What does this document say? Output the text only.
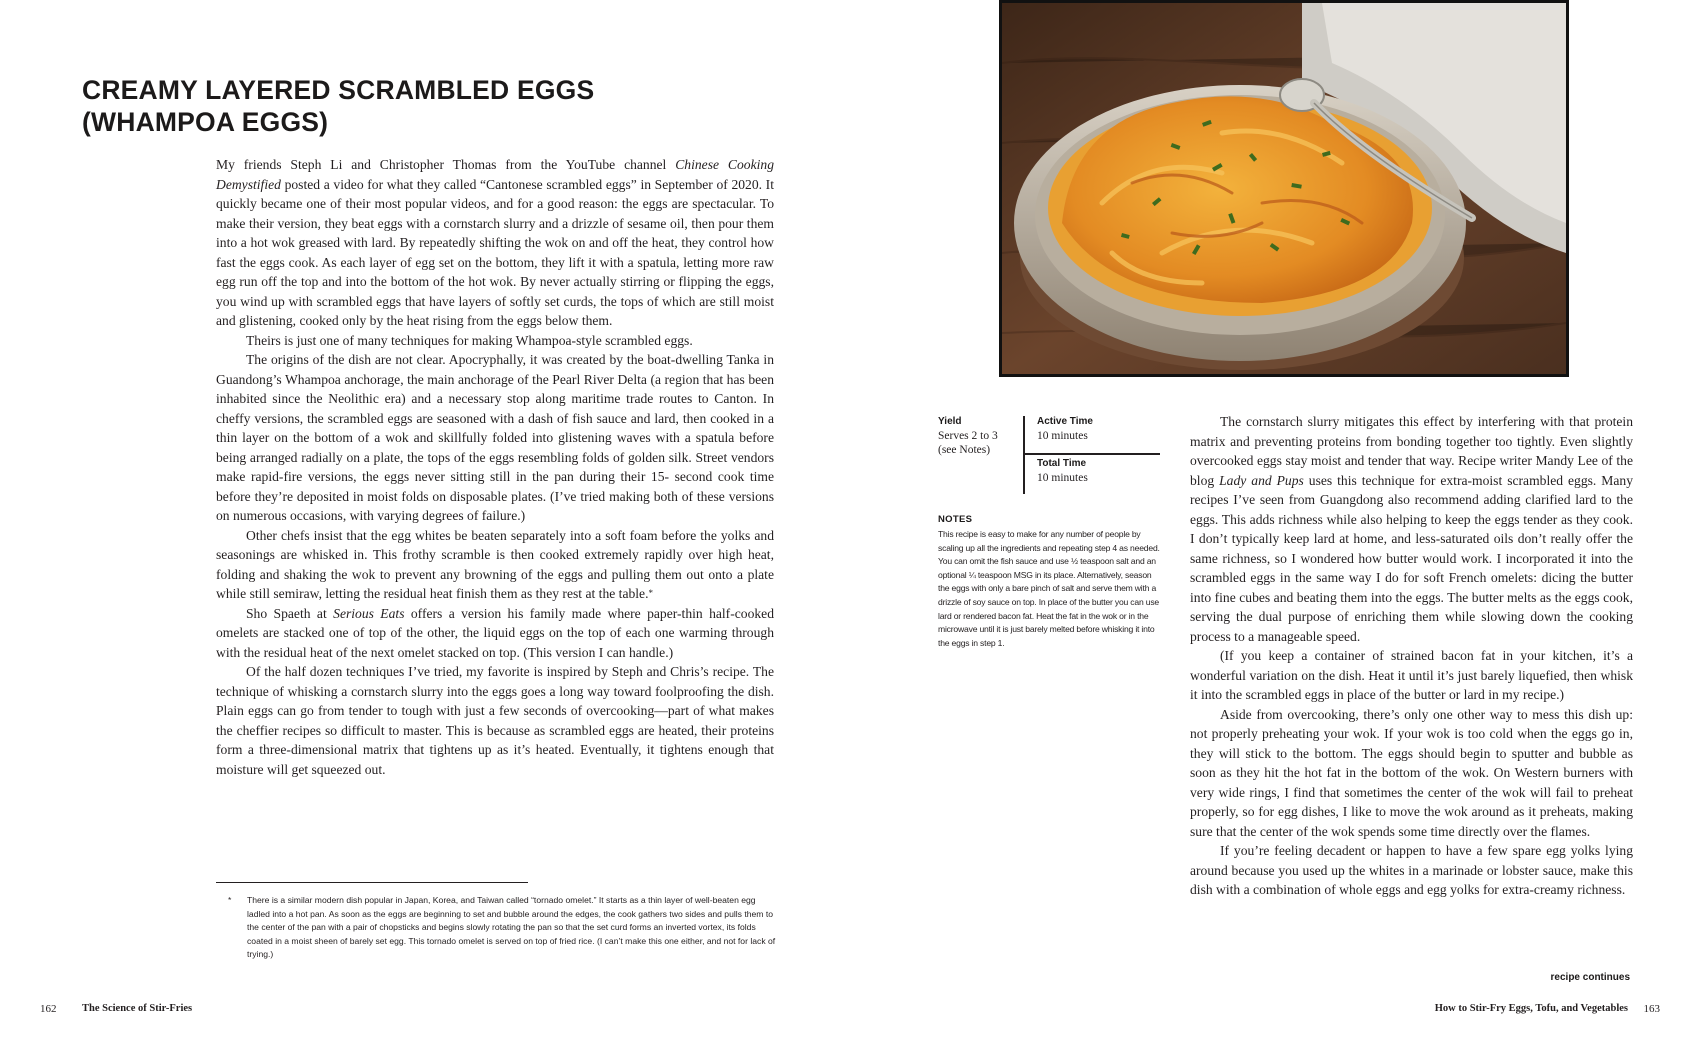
CREAMY LAYERED SCRAMBLED EGGS
(WHAMPOA EGGS)

My friends Steph Li and Christopher Thomas from the YouTube channel Chinese Cooking Demystified posted a video for what they called “Cantonese scrambled eggs” in September of 2020. It quickly became one of their most popular videos, and for a good reason: the eggs are spectacular. To make their version, they beat eggs with a cornstarch slurry and a drizzle of sesame oil, then pour them into a hot wok greased with lard. By repeatedly shifting the wok on and off the heat, they control how fast the eggs cook. As each layer of egg set on the bottom, they lift it with a spatula, letting more raw egg run off the top and into the bottom of the hot wok. By never actually stirring or flipping the eggs, you wind up with scrambled eggs that have layers of softly set curds, the tops of which are still moist and glistening, cooked only by the heat rising from the eggs below them.

Theirs is just one of many techniques for making Whampoa-style scrambled eggs.

The origins of the dish are not clear. Apocryphally, it was created by the boat-dwelling Tanka in Guandong’s Whampoa anchorage, the main anchorage of the Pearl River Delta (a region that has been inhabited since the Neolithic era) and a necessary stop along maritime trade routes to Canton. In cheffy versions, the scrambled eggs are seasoned with a dash of fish sauce and lard, then cooked in a thin layer on the bottom of a wok and skillfully folded into glistening waves with a spatula before being arranged radially on a plate, the tops of the eggs resembling folds of golden silk. Street vendors make rapid-fire versions, the eggs never sitting still in the pan during their 15- second cook time before they’re deposited in moist folds on disposable plates. (I’ve tried making both of these versions on numerous occasions, with varying degrees of failure.)

Other chefs insist that the egg whites be beaten separately into a soft foam before the yolks and seasonings are whisked in. This frothy scramble is then cooked extremely rapidly over high heat, folding and shaking the wok to prevent any browning of the eggs and pulling them out onto a plate while still semiraw, letting the residual heat finish them as they rest at the table.*

Sho Spaeth at Serious Eats offers a version his family made where paper-thin half-cooked omelets are stacked one of top of the other, the liquid eggs on the top of each one warming through with the residual heat of the next omelet stacked on top. (This version I can handle.)

Of the half dozen techniques I’ve tried, my favorite is inspired by Steph and Chris’s recipe. The technique of whisking a cornstarch slurry into the eggs goes a long way toward foolproofing the dish. Plain eggs can go from tender to tough with just a few seconds of overcooking—part of what makes the cheffier recipes so difficult to master. This is because as scrambled eggs are heated, their proteins form a three-dimensional matrix that tightens up as it’s heated. Eventually, it tightens enough that moisture will get squeezed out.

* There is a similar modern dish popular in Japan, Korea, and Taiwan called “tornado omelet.” It starts as a thin layer of well-beaten egg ladled into a hot pan. As soon as the eggs are beginning to set and bubble around the edges, the cook gathers two sides and pulls them to the center of the pan with a pair of chopsticks and begins slowly rotating the pan so that the set curd forms an inverted vortex, its folds coated in a moist sheen of barely set egg. This tornado omelet is served on top of fried rice. (I can’t make this one either, and not for lack of trying.)
Yield
Serves 2 to 3 (see Notes)
Active Time
10 minutes
Total Time
10 minutes
NOTES
This recipe is easy to make for any number of people by scaling up all the ingredients and repeating step 4 as needed. You can omit the fish sauce and use ½ teaspoon salt and an optional ¼ teaspoon MSG in its place. Alternatively, season the eggs with only a bare pinch of salt and serve them with a drizzle of soy sauce on top. In place of the butter you can use lard or rendered bacon fat. Heat the fat in the wok or in the microwave until it is just barely melted before whisking it into the eggs in step 1.

The cornstarch slurry mitigates this effect by interfering with that protein matrix and preventing proteins from bonding together too tightly. Even slightly overcooked eggs stay moist and tender that way. Recipe writer Mandy Lee of the blog Lady and Pups uses this technique for extra-moist scrambled eggs. Many recipes I’ve seen from Guangdong also recommend adding clarified lard to the eggs. This adds richness while also helping to keep the eggs tender as they cook. I don’t typically keep lard at home, and less-saturated oils don’t really offer the same richness, so I wondered how butter would work. I incorporated it into the scrambled eggs in the same way I do for soft French omelets: dicing the butter into fine cubes and beating them into the eggs. The butter melts as the eggs cook, serving the dual purpose of enriching them while slowing down the cooking process to a manageable speed.

(If you keep a container of strained bacon fat in your kitchen, it’s a wonderful variation on the dish. Heat it until it’s just barely liquefied, then whisk it into the scrambled eggs in place of the butter or lard in my recipe.)

Aside from overcooking, there’s only one other way to mess this dish up: not properly preheating your wok. If your wok is too cold when the eggs go in, they will stick to the bottom. The eggs should begin to sputter and bubble as soon as they hit the hot fat in the bottom of the wok. On Western burners with very wide rings, I find that sometimes the center of the wok will fail to preheat properly, so for egg dishes, I like to move the wok around as it preheats, making sure that the center of the wok spends some time directly over the flames.

If you’re feeling decadent or happen to have a few spare egg yolks lying around because you used up the whites in a marinade or lobster sauce, make this dish with a combination of whole eggs and egg yolks for extra-creamy richness.

recipe continues
162 The Science of Stir-Fries	How to Stir-Fry Eggs, Tofu, and Vegetables 163
